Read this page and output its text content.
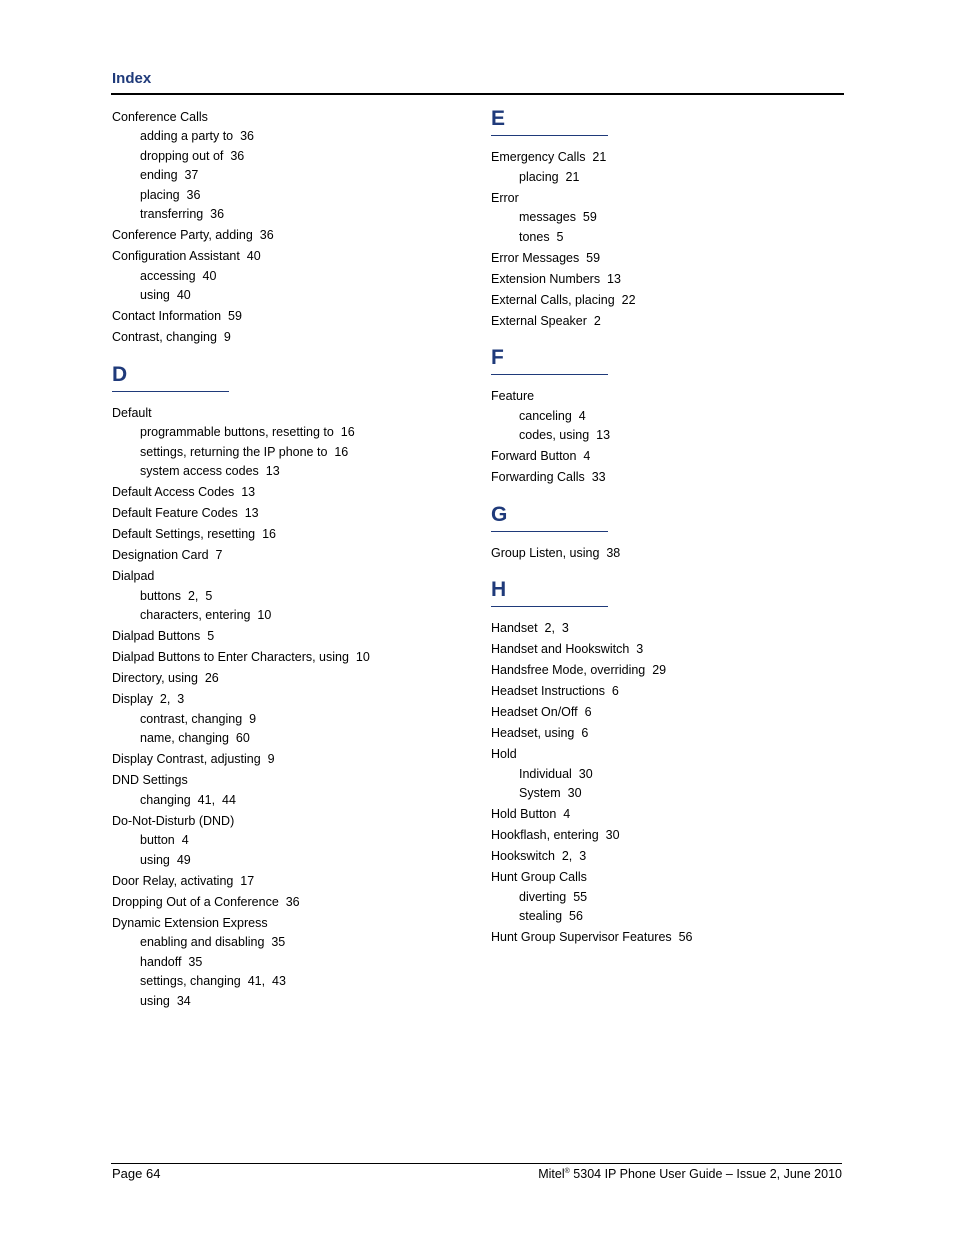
Index
Conference Calls
adding a party to  36
dropping out of  36
ending  37
placing  36
transferring  36
Conference Party, adding  36
Configuration Assistant  40
accessing  40
using  40
Contact Information  59
Contrast, changing  9
D
Default
programmable buttons, resetting to  16
settings, returning the IP phone to  16
system access codes  13
Default Access Codes  13
Default Feature Codes  13
Default Settings, resetting  16
Designation Card  7
Dialpad
buttons  2,  5
characters, entering  10
Dialpad Buttons  5
Dialpad Buttons to Enter Characters, using  10
Directory, using  26
Display  2,  3
contrast, changing  9
name, changing  60
Display Contrast, adjusting  9
DND Settings
changing  41,  44
Do-Not-Disturb (DND)
button  4
using  49
Door Relay, activating  17
Dropping Out of a Conference  36
Dynamic Extension Express
enabling and disabling  35
handoff  35
settings, changing  41,  43
using  34
E
Emergency Calls  21
placing  21
Error
messages  59
tones  5
Error Messages  59
Extension Numbers  13
External Calls, placing  22
External Speaker  2
F
Feature
canceling  4
codes, using  13
Forward Button  4
Forwarding Calls  33
G
Group Listen, using  38
H
Handset  2,  3
Handset and Hookswitch  3
Handsfree Mode, overriding  29
Headset Instructions  6
Headset On/Off  6
Headset, using  6
Hold
Individual  30
System  30
Hold Button  4
Hookflash, entering  30
Hookswitch  2,  3
Hunt Group Calls
diverting  55
stealing  56
Hunt Group Supervisor Features  56
Page 64	Mitel® 5304 IP Phone User Guide – Issue 2, June 2010
